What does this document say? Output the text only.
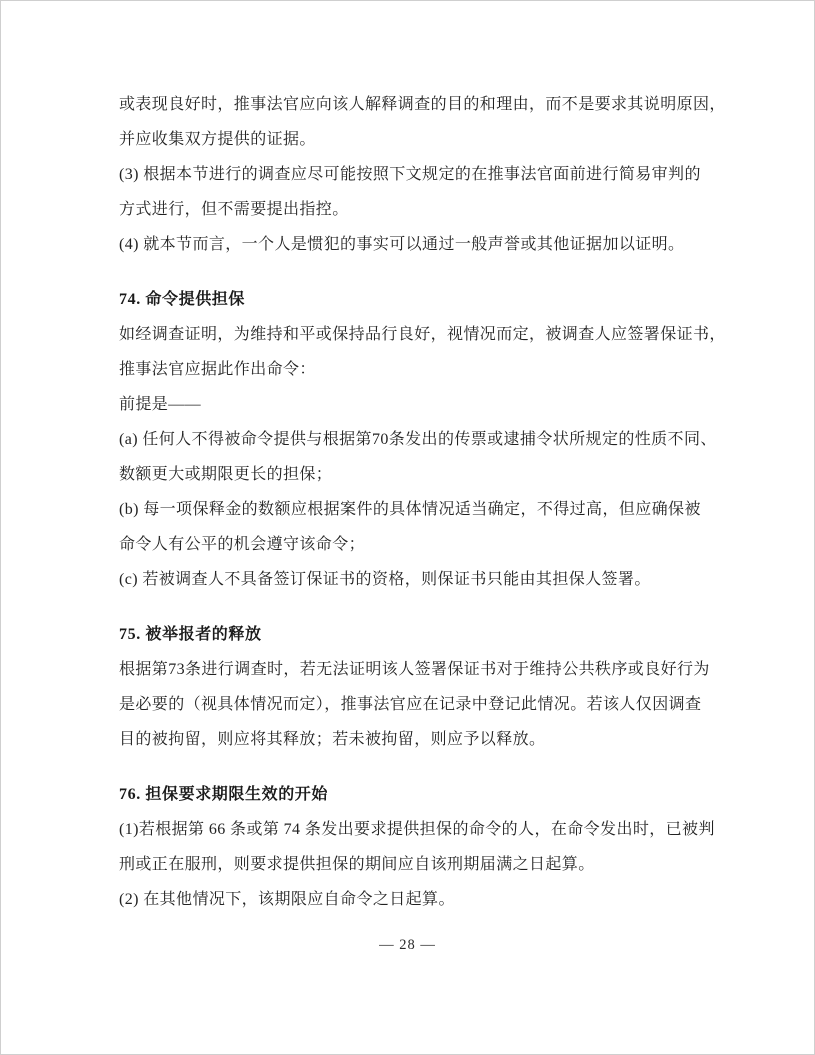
或表现良好时，推事法官应向该人解释调查的目的和理由，而不是要求其说明原因，
并应收集双方提供的证据。
(3) 根据本节进行的调查应尽可能按照下文规定的在推事法官面前进行简易审判的
方式进行，但不需要提出指控。
(4) 就本节而言，一个人是惯犯的事实可以通过一般声誉或其他证据加以证明。
74. 命令提供担保
如经调查证明，为维持和平或保持品行良好，视情况而定，被调查人应签署保证书，
推事法官应据此作出命令：
前提是——
(a) 任何人不得被命令提供与根据第70条发出的传票或逮捕令状所规定的性质不同、
数额更大或期限更长的担保；
(b) 每一项保释金的数额应根据案件的具体情况适当确定，不得过高，但应确保被
命令人有公平的机会遵守该命令；
(c) 若被调查人不具备签订保证书的资格，则保证书只能由其担保人签署。
75. 被举报者的释放
根据第73条进行调查时，若无法证明该人签署保证书对于维持公共秩序或良好行为
是必要的（视具体情况而定），推事法官应在记录中登记此情况。若该人仅因调查
目的被拘留，则应将其释放；若未被拘留，则应予以释放。
76. 担保要求期限生效的开始
(1)若根据第 66 条或第 74 条发出要求提供担保的命令的人，在命令发出时，已被判
刑或正在服刑，则要求提供担保的期间应自该刑期届满之日起算。
(2) 在其他情况下，该期限应自命令之日起算。
— 28 —
